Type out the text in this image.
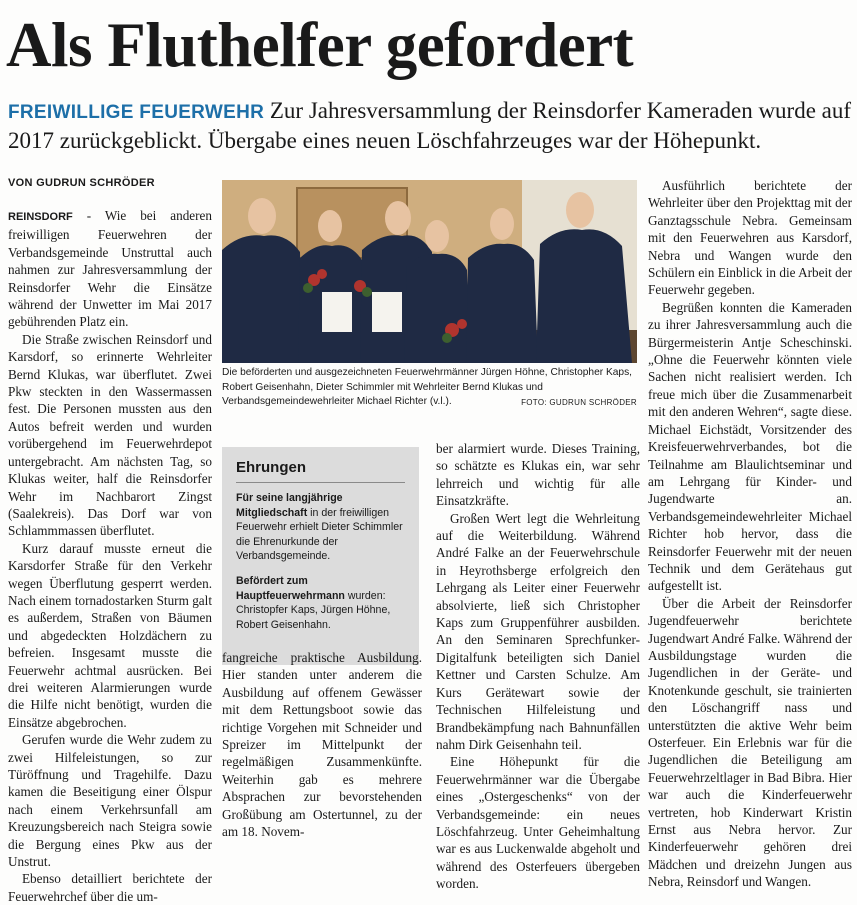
Als Fluthelfer gefordert

FREIWILLIGE FEUERWEHR Zur Jahresversammlung der Reinsdorfer Kameraden wurde auf 2017 zurückgeblickt. Übergabe eines neuen Löschfahrzeuges war der Höhepunkt.

VON GUDRUN SCHRÖDER

REINSDORF - Wie bei anderen freiwilligen Feuerwehren der Verbandsgemeinde Unstruttal auch nahmen zur Jahresversammlung der Reinsdorfer Wehr die Einsätze während der Unwetter im Mai 2017 gebührenden Platz ein.

Die Straße zwischen Reinsdorf und Karsdorf, so erinnerte Wehrleiter Bernd Klukas, war überflutet. Zwei Pkw steckten in den Wassermassen fest. Die Personen mussten aus den Autos befreit werden und wurden vorübergehend im Feuerwehrdepot untergebracht. Am nächsten Tag, so Klukas weiter, half die Reinsdorfer Wehr im Nachbarort Zingst (Saalekreis). Das Dorf war von Schlammmassen überflutet.

Kurz darauf musste erneut die Karsdorfer Straße für den Verkehr wegen Überflutung gesperrt werden. Nach einem tornadostarken Sturm galt es außerdem, Straßen von Bäumen und abgedeckten Holzdächern zu befreien. Insgesamt musste die Feuerwehr achtmal ausrücken. Bei drei weiteren Alarmierungen wurde die Hilfe nicht benötigt, wurden die Einsätze abgebrochen.

Gerufen wurde die Wehr zudem zu zwei Hilfeleistungen, so zur Türöffnung und Tragehilfe. Dazu kamen die Beseitigung einer Ölspur nach einem Verkehrsunfall am Kreuzungsbereich nach Steigra sowie die Bergung eines Pkw aus der Unstrut.

Ebenso detailliert berichtete der Feuerwehrchef über die um-

Die beförderten und ausgezeichneten Feuerwehrmänner Jürgen Höhne, Christopher Kaps, Robert Geisenhahn, Dieter Schimmler mit Wehrleiter Bernd Klukas und Verbandsgemeindewehrleiter Michael Richter (v.l.).	FOTO: GUDRUN SCHRÖDER

Ehrungen

Für seine langjährige Mitgliedschaft in der freiwilligen Feuerwehr erhielt Dieter Schimmler die Ehrenurkunde der Verbandsgemeinde.

Befördert zum Hauptfeuerwehrmann wurden: Christopfer Kaps, Jürgen Höhne, Robert Geisenhahn.

fangreiche praktische Ausbildung. Hier standen unter anderem die Ausbildung auf offenem Gewässer mit dem Rettungsboot sowie das richtige Vorgehen mit Schneider und Spreizer im Mittelpunkt der regelmäßigen Zusammenkünfte. Weiterhin gab es mehrere Absprachen zur bevorstehenden Großübung am Ostertunnel, zu der am 18. Novem-

ber alarmiert wurde. Dieses Training, so schätzte es Klukas ein, war sehr lehrreich und wichtig für alle Einsatzkräfte.

Großen Wert legt die Wehrleitung auf die Weiterbildung. Während André Falke an der Feuerwehrschule in Heyrothsberge erfolgreich den Lehrgang als Leiter einer Feuerwehr absolvierte, ließ sich Christopher Kaps zum Gruppenführer ausbilden. An den Seminaren Sprechfunker-Digitalfunk beteiligten sich Daniel Kettner und Carsten Schulze. Am Kurs Gerätewart sowie der Technischen Hilfeleistung und Brandbekämpfung nach Bahnunfällen nahm Dirk Geisenhahn teil.

Eine Höhepunkt für die Feuerwehrmänner war die Übergabe eines „Ostergeschenks“ von der Verbandsgemeinde: ein neues Löschfahrzeug. Unter Geheimhaltung war es aus Luckenwalde abgeholt und während des Osterfeuers übergeben worden.

Ausführlich berichtete der Wehrleiter über den Projekttag mit der Ganztagsschule Nebra. Gemeinsam mit den Feuerwehren aus Karsdorf, Nebra und Wangen wurde den Schülern ein Einblick in die Arbeit der Feuerwehr gegeben.

Begrüßen konnten die Kameraden zu ihrer Jahresversammlung auch die Bürgermeisterin Antje Scheschinski. „Ohne die Feuerwehr könnten viele Sachen nicht realisiert werden. Ich freue mich über die Zusammenarbeit mit den anderen Wehren“, sagte diese. Michael Eichstädt, Vorsitzender des Kreisfeuerwehrverbandes, bot die Teilnahme am Blaulichtseminar und am Lehrgang für Kinder- und Jugendwarte an. Verbandsgemeindewehrleiter Michael Richter hob hervor, dass die Reinsdorfer Feuerwehr mit der neuen Technik und dem Gerätehaus gut aufgestellt ist.

Über die Arbeit der Reinsdorfer Jugendfeuerwehr berichtete Jugendwart André Falke. Während der Ausbildungstage wurden die Jugendlichen in der Geräte- und Knotenkunde geschult, sie trainierten den Löschangriff nass und unterstützten die aktive Wehr beim Osterfeuer. Ein Erlebnis war für die Jugendlichen die Beteiligung am Feuerwehrzeltlager in Bad Bibra. Hier war auch die Kinderfeuerwehr vertreten, hob Kinderwart Kristin Ernst aus Nebra hervor. Zur Kinderfeuerwehr gehören drei Mädchen und dreizehn Jungen aus Nebra, Reinsdorf und Wangen.
